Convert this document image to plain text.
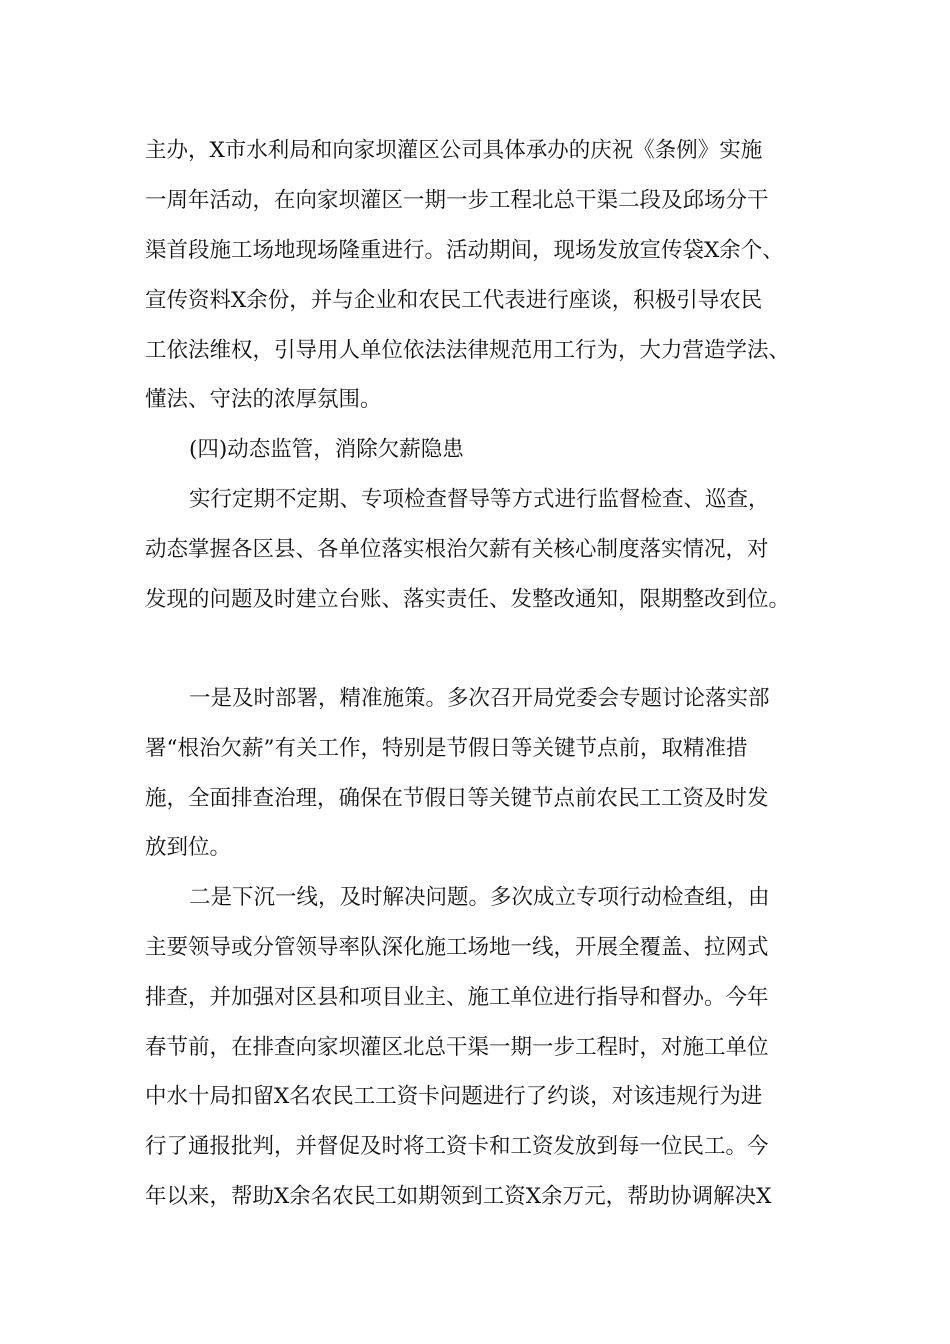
主办，X市水利局和向家坝灌区公司具体承办的庆祝《条例》实施
一周年活动，在向家坝灌区一期一步工程北总干渠二段及邱场分干
渠首段施工场地现场隆重进行。活动期间，现场发放宣传袋X余个、
宣传资料X余份，并与企业和农民工代表进行座谈，积极引导农民
工依法维权，引导用人单位依法法律规范用工行为，大力营造学法、
懂法、守法的浓厚氛围。
(四)动态监管，消除欠薪隐患
实行定期不定期、专项检查督导等方式进行监督检查、巡查，
动态掌握各区县、各单位落实根治欠薪有关核心制度落实情况，对
发现的问题及时建立台账、落实责任、发整改通知，限期整改到位。
一是及时部署，精准施策。多次召开局党委会专题讨论落实部
署“根治欠薪”有关工作，特别是节假日等关键节点前，取精准措
施，全面排查治理，确保在节假日等关键节点前农民工工资及时发
放到位。
二是下沉一线，及时解决问题。多次成立专项行动检查组，由
主要领导或分管领导率队深化施工场地一线，开展全覆盖、拉网式
排查，并加强对区县和项目业主、施工单位进行指导和督办。今年
春节前，在排查向家坝灌区北总干渠一期一步工程时，对施工单位
中水十局扣留X名农民工工资卡问题进行了约谈，对该违规行为进
行了通报批判，并督促及时将工资卡和工资发放到每一位民工。今
年以来，帮助X余名农民工如期领到工资X余万元，帮助协调解决X
